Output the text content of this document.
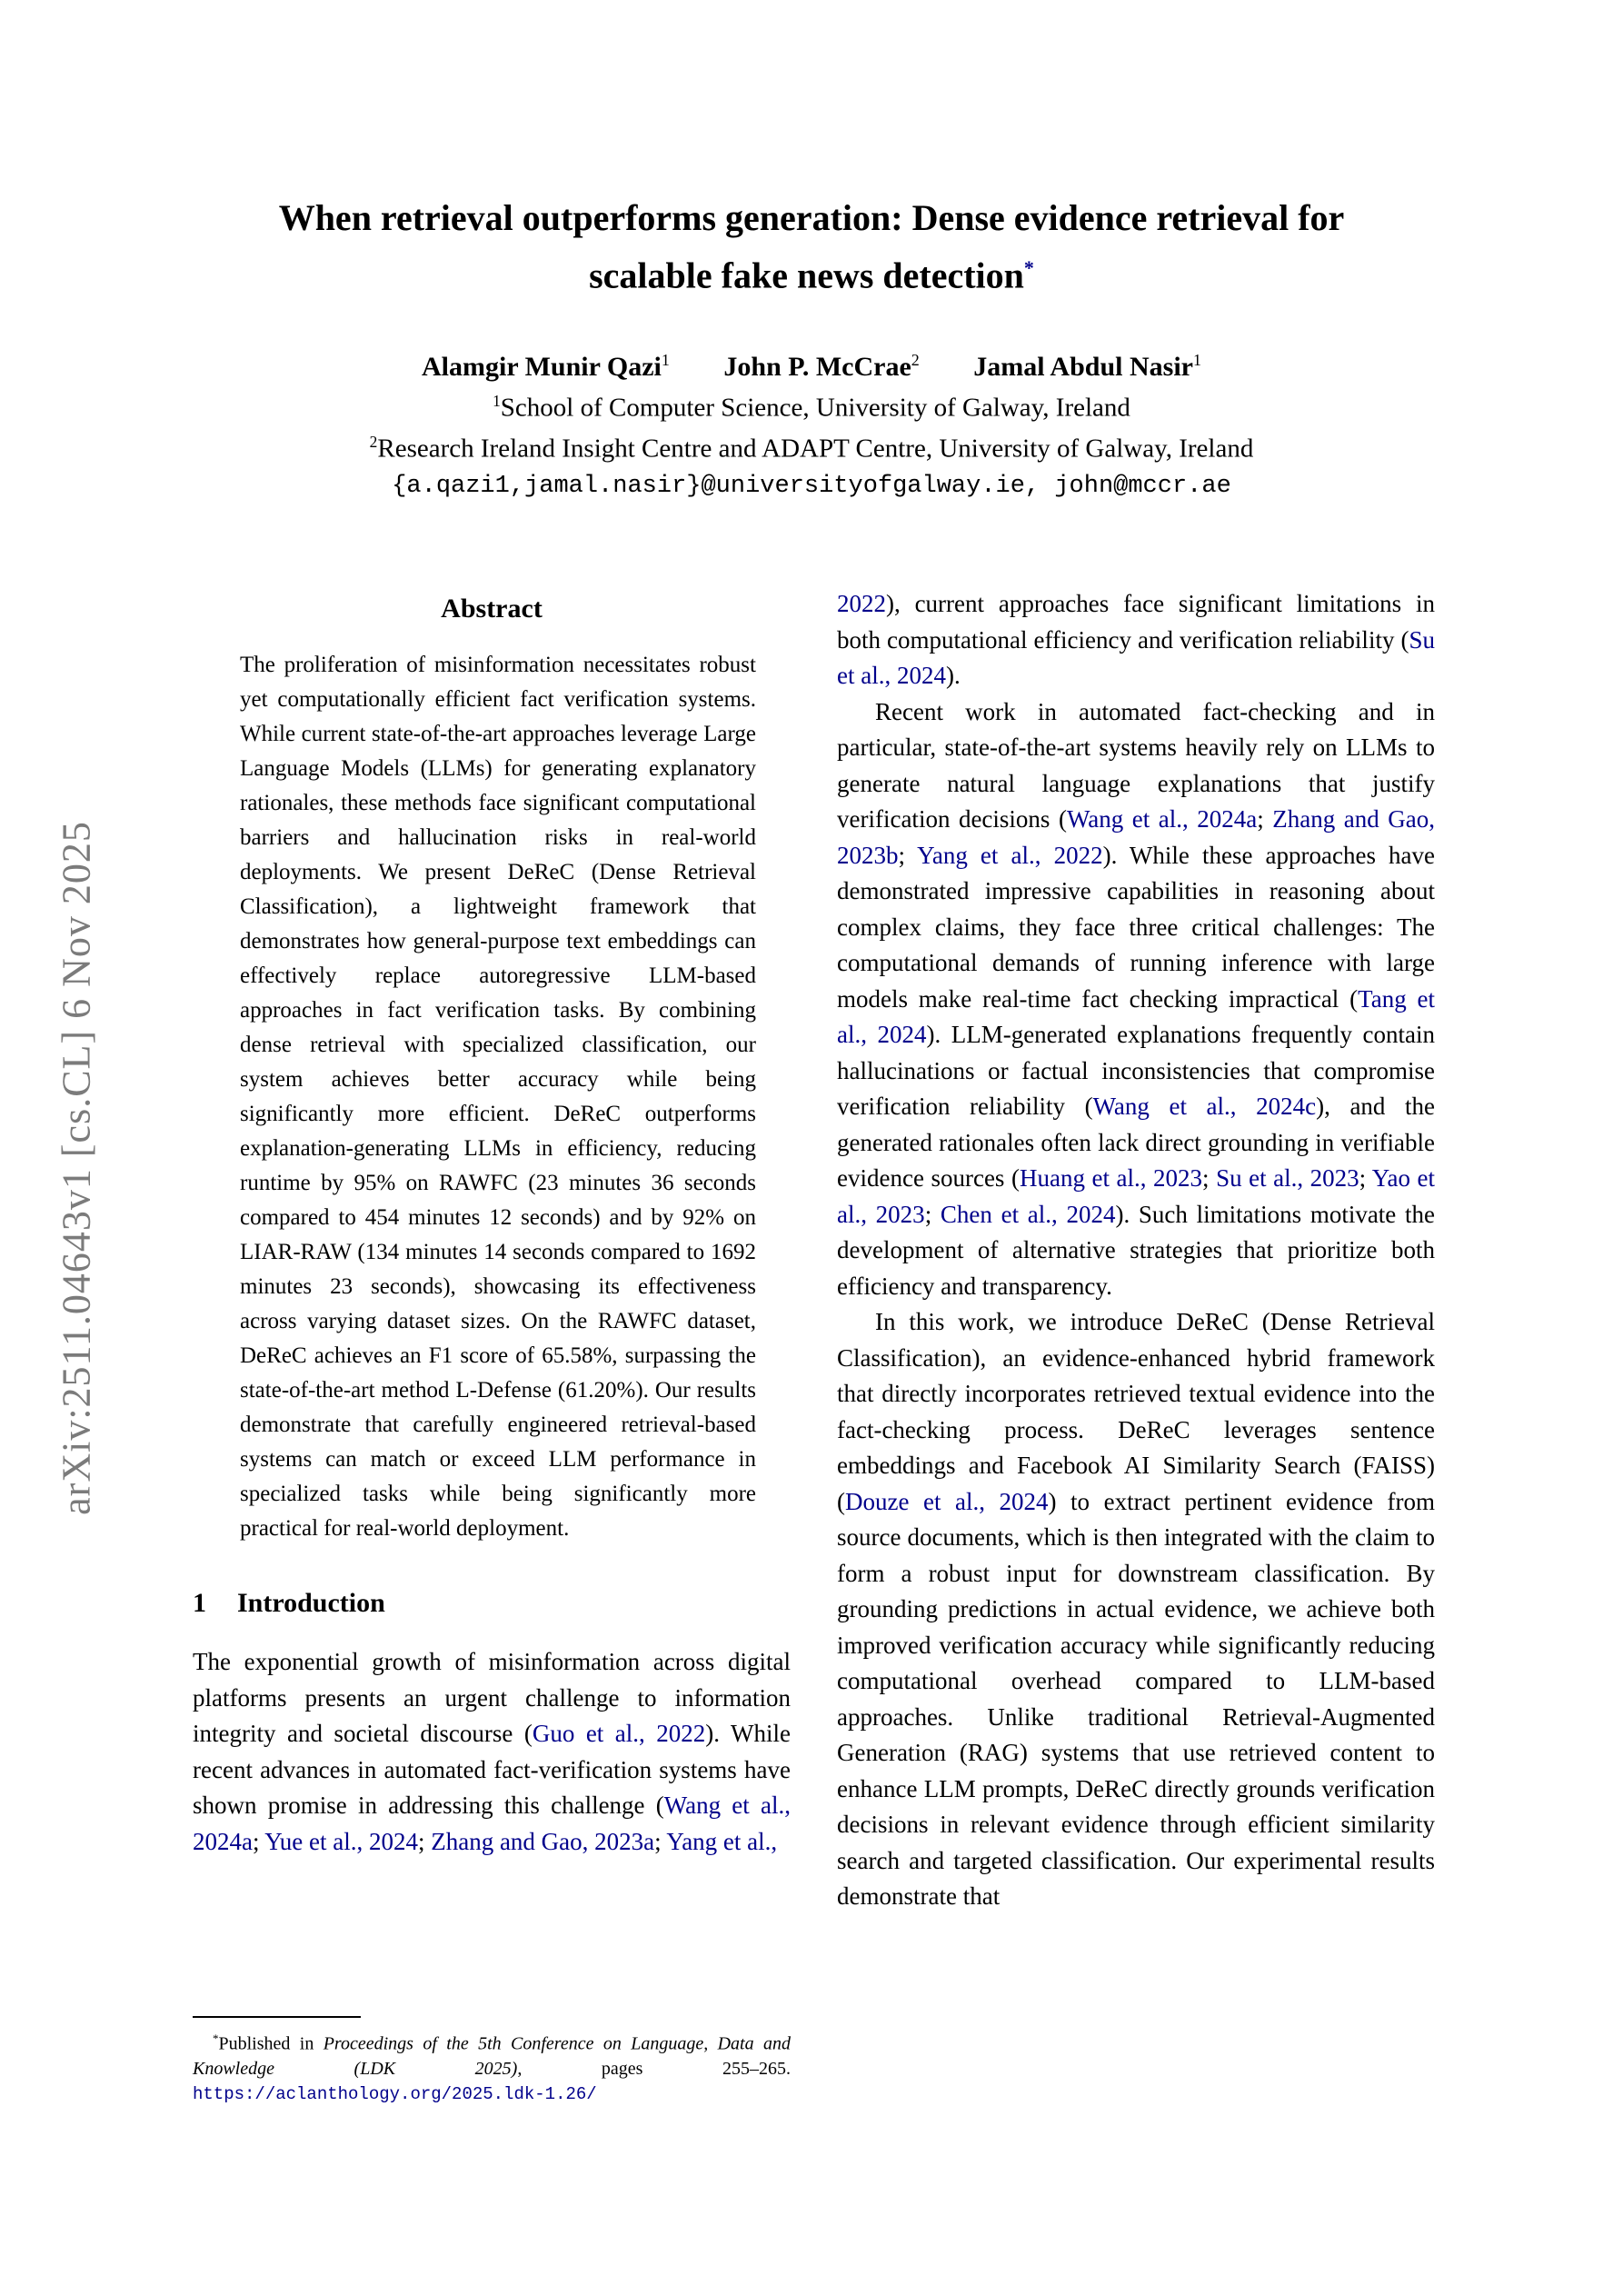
arXiv:2511.04643v1 [cs.CL] 6 Nov 2025

When retrieval outperforms generation: Dense evidence retrieval for

scalable fake news detection*

Alamgir Munir Qazi$^1$ John P. McCrae$^2$ Jamal Abdul Nasir$^1$
$^1$School of Computer Science, University of Galway, Ireland
$^2$Research Ireland Insight Centre and ADAPT Centre, University of Galway, Ireland
{a.qazi1,jamal.nasir}@universityofgalway.ie, john@mccr.ae
Abstract

The proliferation of misinformation necessitates robust yet computationally efficient fact verification systems. While current state-of-the-art approaches leverage Large Language Models (LLMs) for generating explanatory rationales, these methods face significant computational barriers and hallucination risks in real-world deployments. We present DeReC (Dense Retrieval Classification), a lightweight framework that demonstrates how general-purpose text embeddings can effectively replace autoregressive LLM-based approaches in fact verification tasks. By combining dense retrieval with specialized classification, our system achieves better accuracy while being significantly more efficient. DeReC outperforms explanation-generating LLMs in efficiency, reducing runtime by 95% on RAWFC (23 minutes 36 seconds compared to 454 minutes 12 seconds) and by 92% on LIAR-RAW (134 minutes 14 seconds compared to 1692 minutes 23 seconds), showcasing its effectiveness across varying dataset sizes. On the RAWFC dataset, DeReC achieves an F1 score of 65.58%, surpassing the state-of-the-art method L-Defense (61.20%). Our results demonstrate that carefully engineered retrieval-based systems can match or exceed LLM performance in specialized tasks while being significantly more practical for real-world deployment.

1 Introduction

The exponential growth of misinformation across digital platforms presents an urgent challenge to information integrity and societal discourse (Guo et al., 2022). While recent advances in automated fact-verification systems have shown promise in addressing this challenge (Wang et al., 2024a; Yue et al., 2024; Zhang and Gao, 2023a; Yang et al.,

2022), current approaches face significant limitations in both computational efficiency and verification reliability (Su et al., 2024).

Recent work in automated fact-checking and in particular, state-of-the-art systems heavily rely on LLMs to generate natural language explanations that justify verification decisions (Wang et al., 2024a; Zhang and Gao, 2023b; Yang et al., 2022). While these approaches have demonstrated impressive capabilities in reasoning about complex claims, they face three critical challenges: The computational demands of running inference with large models make real-time fact checking impractical (Tang et al., 2024). LLM-generated explanations frequently contain hallucinations or factual inconsistencies that compromise verification reliability (Wang et al., 2024c), and the generated rationales often lack direct grounding in verifiable evidence sources (Huang et al., 2023; Su et al., 2023; Yao et al., 2023; Chen et al., 2024). Such limitations motivate the development of alternative strategies that prioritize both efficiency and transparency.

In this work, we introduce DeReC (Dense Retrieval Classification), an evidence-enhanced hybrid framework that directly incorporates retrieved textual evidence into the fact-checking process. DeReC leverages sentence embeddings and Facebook AI Similarity Search (FAISS) (Douze et al., 2024) to extract pertinent evidence from source documents, which is then integrated with the claim to form a robust input for downstream classification. By grounding predictions in actual evidence, we achieve both improved verification accuracy while significantly reducing computational overhead compared to LLM-based approaches. Unlike traditional Retrieval-Augmented Generation (RAG) systems that use retrieved content to enhance LLM prompts, DeReC directly grounds verification decisions in relevant evidence through efficient similarity search and targeted classification. Our experimental results demonstrate that

*Published in Proceedings of the 5th Conference on Language, Data and Knowledge (LDK 2025), pages 255–265. https://aclanthology.org/2025.ldk-1.26/
